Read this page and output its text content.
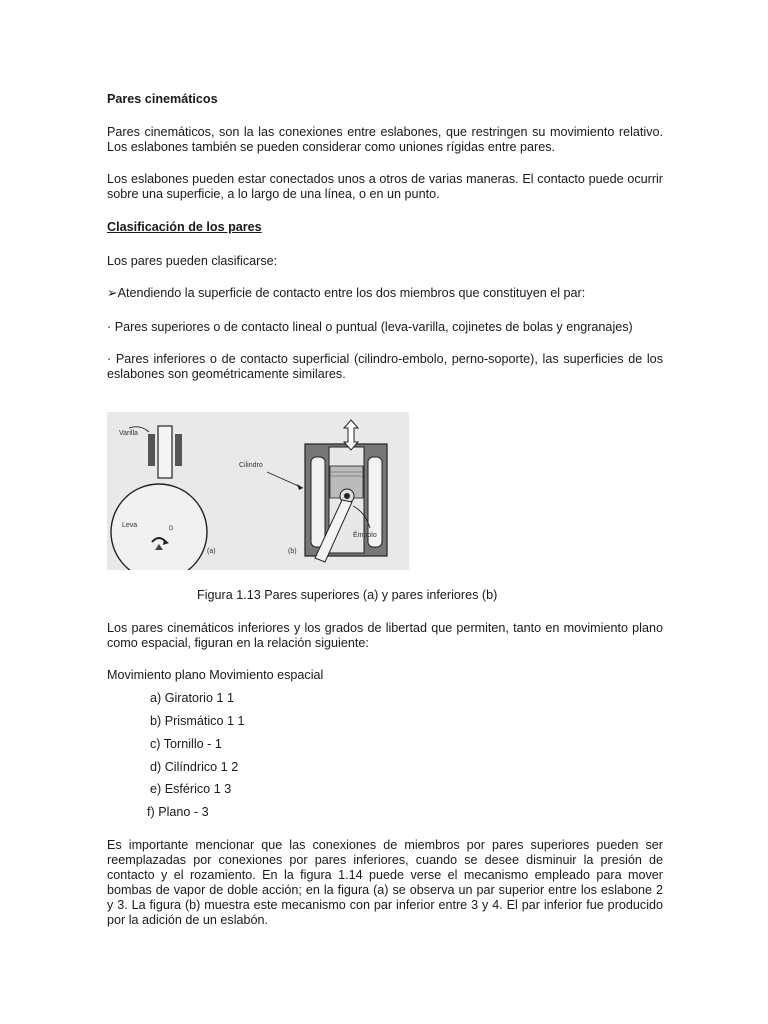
Pares cinemáticos

Pares cinemáticos, son la las conexiones entre eslabones, que restringen su movimiento relativo. Los eslabones también se pueden considerar como uniones rígidas entre pares.

Los eslabones pueden estar conectados unos a otros de varias maneras. El contacto puede ocurrir sobre una superficie, a lo largo de una línea, o en un punto.

Clasificación de los pares

Los pares pueden clasificarse:

➢Atendiendo la superficie de contacto entre los dos miembros que constituyen el par:

· Pares superiores o de contacto lineal o puntual (leva-varilla, cojinetes de bolas y engranajes)

· Pares inferiores o de contacto superficial (cilindro-embolo, perno-soporte), las superficies de los eslabones son geométricamente similares.

Varilla
Leva	D
(a)
Cilindro
Émbolo
(b)

Figura 1.13 Pares superiores (a) y pares inferiores (b)

Los pares cinemáticos inferiores y los grados de libertad que permiten, tanto en movimiento plano como espacial, figuran en la relación siguiente:

Movimiento plano Movimiento espacial

a) Giratorio 1 1

b) Prismático 1 1

c) Tornillo - 1

d) Cilíndrico 1 2

e) Esférico 1 3

f) Plano - 3

Es importante mencionar que las conexiones de miembros por pares superiores pueden ser reemplazadas por conexiones por pares inferiores, cuando se desee disminuir la presión de contacto y el rozamiento. En la figura 1.14 puede verse el mecanismo empleado para mover bombas de vapor de doble acción; en la figura (a) se observa un par superior entre los eslabone 2 y 3. La figura (b) muestra este mecanismo con par inferior entre 3 y 4. El par inferior fue producido por la adición de un eslabón.
